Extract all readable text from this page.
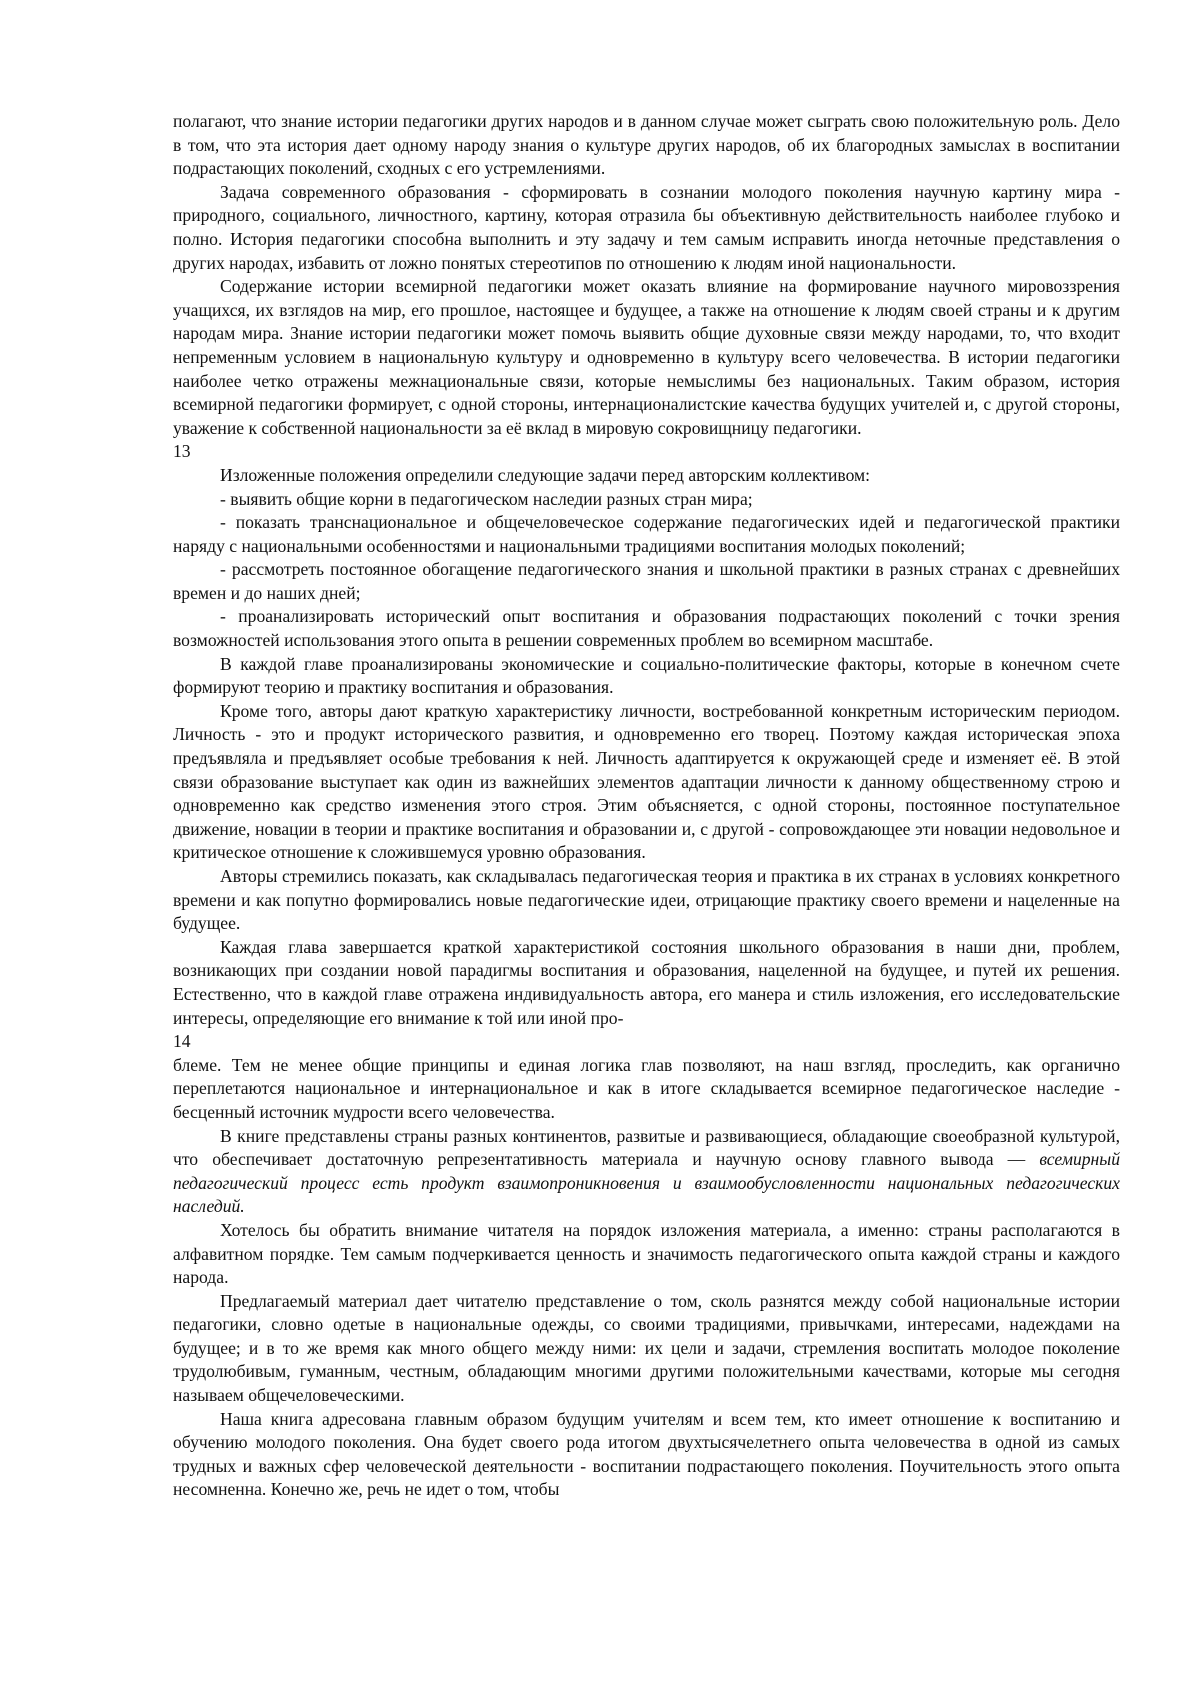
полагают, что знание истории педагогики других народов и в данном случае может сыграть свою положительную роль. Дело в том, что эта история дает одному народу знания о культуре других народов, об их благородных замыслах в воспитании подрастающих поколений, сходных с его устремлениями.

Задача современного образования - сформировать в сознании молодого поколения научную картину мира - природного, социального, личностного, картину, которая отразила бы объективную действительность наиболее глубоко и полно. История педагогики способна выполнить и эту задачу и тем самым исправить иногда неточные представления о других народах, избавить от ложно понятых стереотипов по отношению к людям иной национальности.

Содержание истории всемирной педагогики может оказать влияние на формирование научного мировоззрения учащихся, их взглядов на мир, его прошлое, настоящее и будущее, а также на отношение к людям своей страны и к другим народам мира. Знание истории педагогики может помочь выявить общие духовные связи между народами, то, что входит непременным условием в национальную культуру и одновременно в культуру всего человечества. В истории педагогики наиболее четко отражены межнациональные связи, которые немыслимы без национальных. Таким образом, история всемирной педагогики формирует, с одной стороны, интернационалистские качества будущих учителей и, с другой стороны, уважение к собственной национальности за её вклад в мировую сокровищницу педагогики.

13

Изложенные положения определили следующие задачи перед авторским коллективом:

- выявить общие корни в педагогическом наследии разных стран мира;

- показать транснациональное и общечеловеческое содержание педагогических идей и педагогической практики наряду с национальными особенностями и национальными традициями воспитания молодых поколений;

- рассмотреть постоянное обогащение педагогического знания и школьной практики в разных странах с древнейших времен и до наших дней;

- проанализировать исторический опыт воспитания и образования подрастающих поколений с точки зрения возможностей использования этого опыта в решении современных проблем во всемирном масштабе.

В каждой главе проанализированы экономические и социально-политические факторы, которые в конечном счете формируют теорию и практику воспитания и образования.

Кроме того, авторы дают краткую характеристику личности, востребованной конкретным историческим периодом. Личность - это и продукт исторического развития, и одновременно его творец. Поэтому каждая историческая эпоха предъявляла и предъявляет особые требования к ней. Личность адаптируется к окружающей среде и изменяет её. В этой связи образование выступает как один из важнейших элементов адаптации личности к данному общественному строю и одновременно как средство изменения этого строя. Этим объясняется, с одной стороны, постоянное поступательное движение, новации в теории и практике воспитания и образовании и, с другой - сопровождающее эти новации недовольное и критическое отношение к сложившемуся уровню образования.

Авторы стремились показать, как складывалась педагогическая теория и практика в их странах в условиях конкретного времени и как попутно формировались новые педагогические идеи, отрицающие практику своего времени и нацеленные на будущее.

Каждая глава завершается краткой характеристикой состояния школьного образования в наши дни, проблем, возникающих при создании новой парадигмы воспитания и образования, нацеленной на будущее, и путей их решения. Естественно, что в каждой главе отражена индивидуальность автора, его манера и стиль изложения, его исследовательские интересы, определяющие его внимание к той или иной про-

14

блеме. Тем не менее общие принципы и единая логика глав позволяют, на наш взгляд, проследить, как органично переплетаются национальное и интернациональное и как в итоге складывается всемирное педагогическое наследие - бесценный источник мудрости всего человечества.

В книге представлены страны разных континентов, развитые и развивающиеся, обладающие своеобразной культурой, что обеспечивает достаточную репрезентативность материала и научную основу главного вывода — всемирный педагогический процесс есть продукт взаимопроникновения и взаимообусловленности национальных педагогических наследий.

Хотелось бы обратить внимание читателя на порядок изложения материала, а именно: страны располагаются в алфавитном порядке. Тем самым подчеркивается ценность и значимость педагогического опыта каждой страны и каждого народа.

Предлагаемый материал дает читателю представление о том, сколь разнятся между собой национальные истории педагогики, словно одетые в национальные одежды, со своими традициями, привычками, интересами, надеждами на будущее; и в то же время как много общего между ними: их цели и задачи, стремления воспитать молодое поколение трудолюбивым, гуманным, честным, обладающим многими другими положительными качествами, которые мы сегодня называем общечеловеческими.

Наша книга адресована главным образом будущим учителям и всем тем, кто имеет отношение к воспитанию и обучению молодого поколения. Она будет своего рода итогом двухтысячелетнего опыта человечества в одной из самых трудных и важных сфер человеческой деятельности - воспитании подрастающего поколения. Поучительность этого опыта несомненна. Конечно же, речь не идет о том, чтобы
